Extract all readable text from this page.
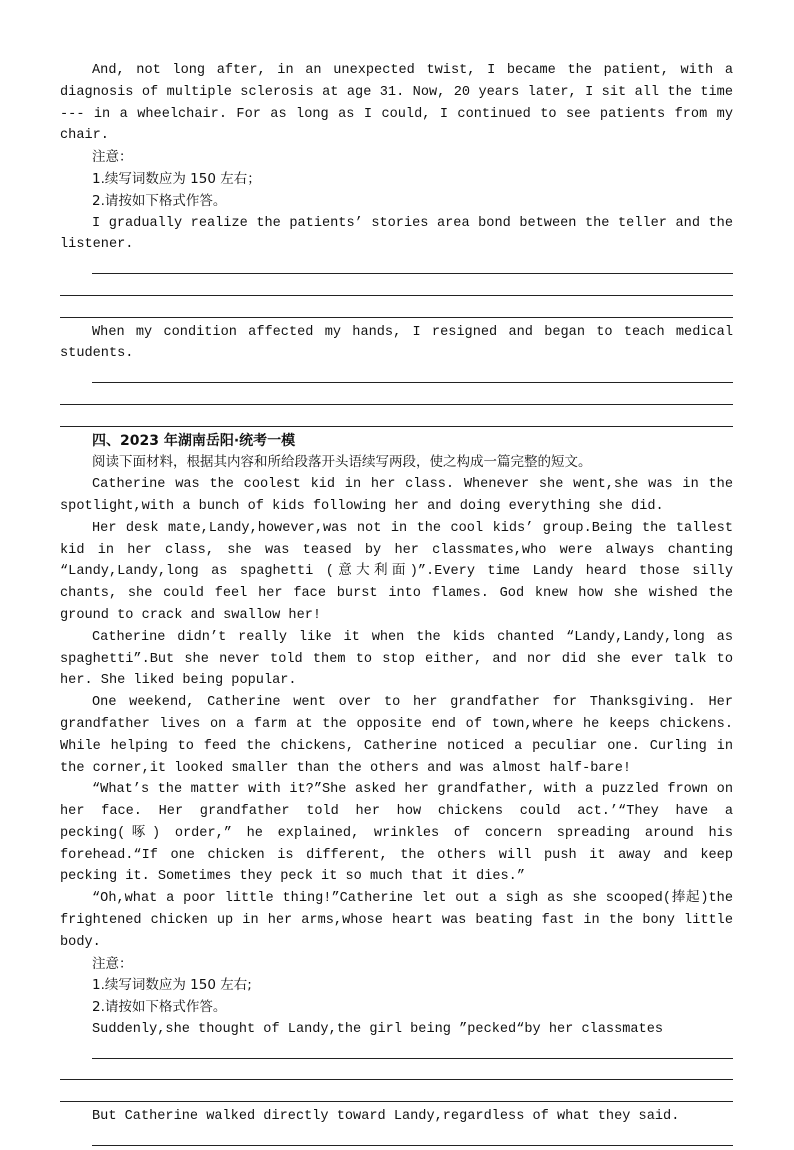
And, not long after, in an unexpected twist, I became the patient, with a diagnosis of multiple sclerosis at age 31. Now, 20 years later, I sit all the time --- in a wheelchair. For as long as I could, I continued to see patients from my chair.

注意：

1.续写词数应为 150 左右；

2.请按如下格式作答。

I gradually realize the patients’ stories area bond between the teller and the listener.

When my condition affected my hands, I resigned and began to teach medical students.

四、2023 年湖南岳阳·统考一模

阅读下面材料，根据其内容和所给段落开头语续写两段，使之构成一篇完整的短文。

Catherine was the coolest kid in her class. Whenever she went,she was in the spotlight,with a bunch of kids following her and doing everything she did.

Her desk mate,Landy,however,was not in the cool kids’ group.Being the tallest kid in her class, she was teased by her classmates,who were always chanting “Landy,Landy,long as spaghetti (意大利面)”.Every time Landy heard those silly chants, she could feel her face burst into flames. God knew how she wished the ground to crack and swallow her!

Catherine didn’t really like it when the kids chanted “Landy,Landy,long as spaghetti”.But she never told them to stop either, and nor did she ever talk to her. She liked being popular.

One weekend, Catherine went over to her grandfather for Thanksgiving. Her grandfather lives on a farm at the opposite end of town,where he keeps chickens. While helping to feed the chickens, Catherine noticed a peculiar one. Curling in the corner,it looked smaller than the others and was almost half-bare!

“What’s the matter with it?”She asked her grandfather, with a puzzled frown on her face. Her grandfather told her how chickens could act.’“They have a pecking(啄) order,” he explained, wrinkles of concern spreading around his forehead.“If one chicken is different, the others will push it away and keep pecking it. Sometimes they peck it so much that it dies.”

“Oh,what a poor little thing!”Catherine let out a sigh as she scooped(捧起)the frightened chicken up in her arms,whose heart was beating fast in the bony little body.

注意：

1.续写词数应为 150 左右;

2.请按如下格式作答。

Suddenly,she thought of Landy,the girl being ”pecked“by her classmates

But Catherine walked directly toward Landy,regardless of what they said.
